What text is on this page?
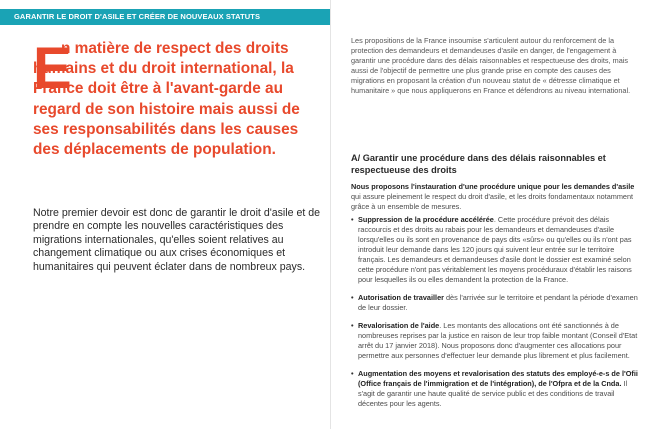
GARANTIR LE DROIT D'ASILE ET CRÉER DE NOUVEAUX STATUTS
E
n matière de respect des droits humains et du droit international, la France doit être à l'avant-garde au regard de son histoire mais aussi de ses responsabilités dans les causes des déplacements de population.
Notre premier devoir est donc de garantir le droit d'asile et de prendre en compte les nouvelles caractéristiques des migrations internationales, qu'elles soient relatives au changement climatique ou aux crises économiques et humanitaires qui peuvent éclater dans de nombreux pays.

Les propositions de la France insoumise s'articulent autour du renforcement de la protection des demandeurs et demandeuses d'asile en danger, de l'engagement à garantir une procédure dans des délais raisonnables et respectueuse des droits, mais aussi de l'objectif de permettre une plus grande prise en compte des causes des migrations en proposant la création d'un nouveau statut de « détresse climatique et humanitaire » que nous appliquerons en France et défendrons au niveau international.

A/ Garantir une procédure dans des délais raisonnables et respectueuse des droits
Nous proposons l'instauration d'une procédure unique pour les demandes d'asile qui assure pleinement le respect du droit d'asile, et les droits fondamentaux notamment grâce à un ensemble de mesures.
• Suppression de la procédure accélérée. Cette procédure prévoit des délais raccourcis et des droits au rabais pour les demandeurs et demandeuses d'asile lorsqu'elles ou ils sont en provenance de pays dits «sûrs» ou qu'elles ou ils n'ont pas introduit leur demande dans les 120 jours qui suivent leur entrée sur le territoire français. Les demandeurs et demandeuses d'asile dont le dossier est examiné selon cette procédure n'ont pas véritablement les moyens procéduraux d'établir les raisons pour lesquelles ils ou elles demandent la protection de la France.
• Autorisation de travailler dès l'arrivée sur le territoire et pendant la période d'examen de leur dossier.
• Revalorisation de l'aide. Les montants des allocations ont été sanctionnés à de nombreuses reprises par la justice en raison de leur trop faible montant (Conseil d'Etat arrêt du 17 janvier 2018). Nous proposons donc d'augmenter ces allocations pour permettre aux personnes d'effectuer leur demande plus librement et plus facilement.
• Augmentation des moyens et revalorisation des statuts des employé-e-s de l'Ofii (Office français de l'immigration et de l'intégration), de l'Ofpra et de la Cnda. Il s'agit de garantir une haute qualité de service public et des conditions de travail décentes pour les agents.
